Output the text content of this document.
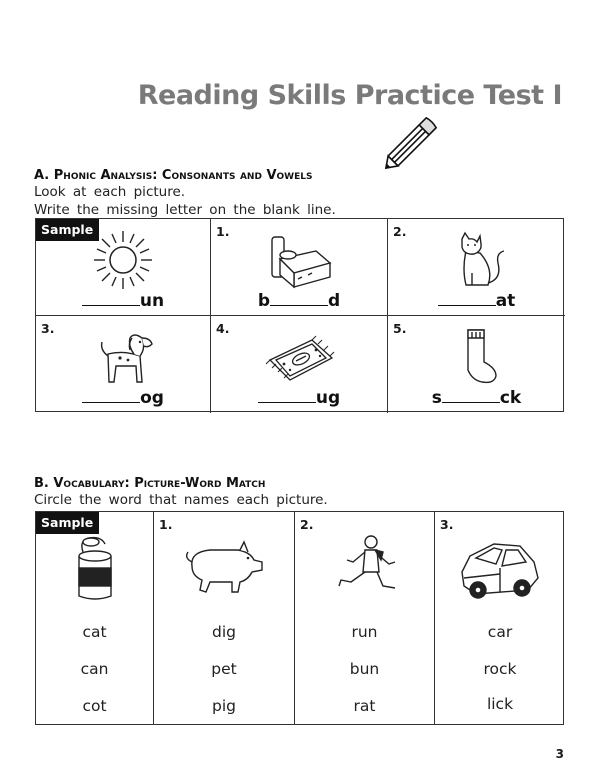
Reading Skills Practice Test I
A. Phonic Analysis: Consonants and Vowels
Look at each picture.
Write the missing letter on the blank line.
Sample
un
1.
b	d
2.
at
3.
og
4.
ug
5.
s	ck
B. Vocabulary: Picture-Word Match
Circle the word that names each picture.
Sample
cat
can
cot
1.
dig
pet
pig
2.
run
bun
rat
3.
car
rock
lick
3
